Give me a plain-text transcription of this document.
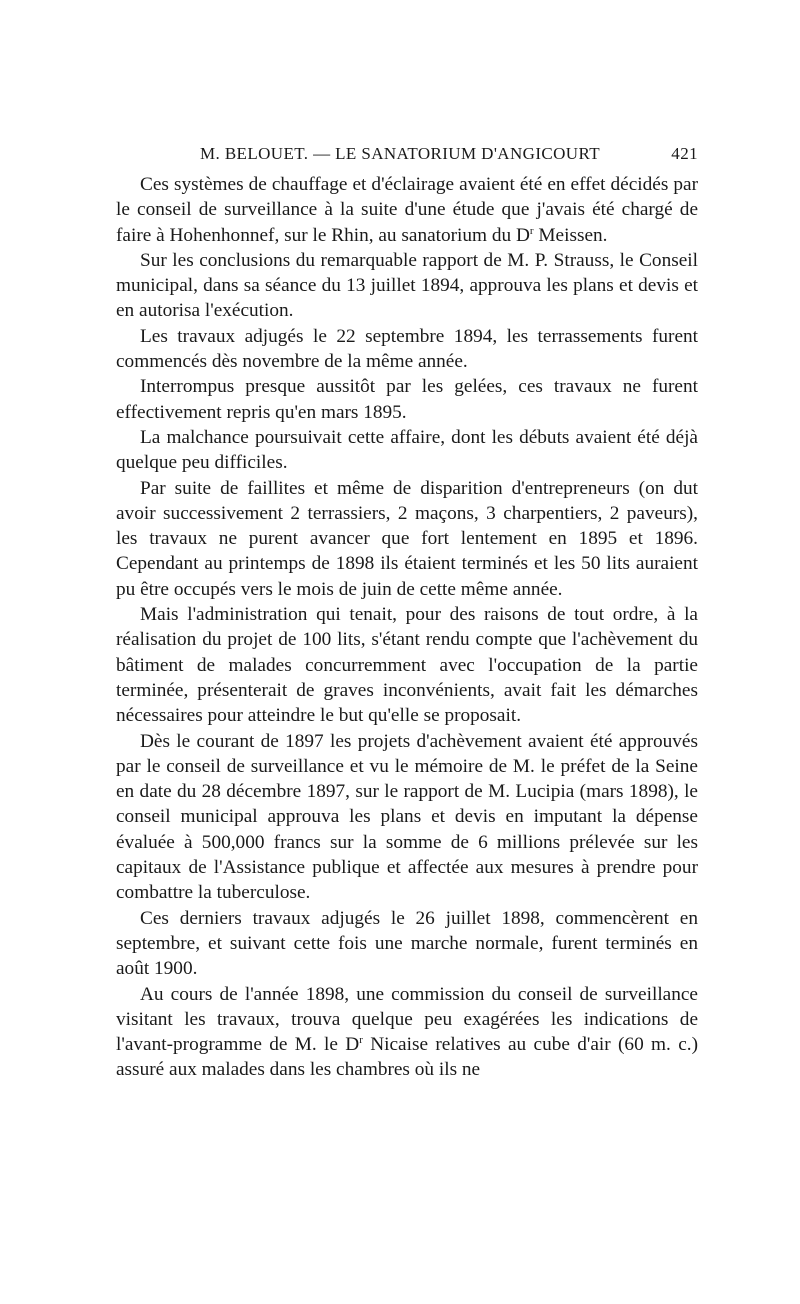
M. BELOUET. — LE SANATORIUM D'ANGICOURT	421

Ces systèmes de chauffage et d'éclairage avaient été en effet décidés par le conseil de surveillance à la suite d'une étude que j'avais été chargé de faire à Hohenhonnef, sur le Rhin, au sanatorium du $D^r$ Meissen.

Sur les conclusions du remarquable rapport de M. P. Strauss, le Conseil municipal, dans sa séance du 13 juillet 1894, approuva les plans et devis et en autorisa l'exécution.

Les travaux adjugés le 22 septembre 1894, les terrassements furent commencés dès novembre de la même année.

Interrompus presque aussitôt par les gelées, ces travaux ne furent effectivement repris qu'en mars 1895.

La malchance poursuivait cette affaire, dont les débuts avaient été déjà quelque peu difficiles.

Par suite de faillites et même de disparition d'entrepreneurs (on dut avoir successivement 2 terrassiers, 2 maçons, 3 charpentiers, 2 paveurs), les travaux ne purent avancer que fort lentement en 1895 et 1896. Cependant au printemps de 1898 ils étaient terminés et les 50 lits auraient pu être occupés vers le mois de juin de cette même année.

Mais l'administration qui tenait, pour des raisons de tout ordre, à la réalisation du projet de 100 lits, s'étant rendu compte que l'achèvement du bâtiment de malades concurremment avec l'occupation de la partie terminée, présenterait de graves inconvénients, avait fait les démarches nécessaires pour atteindre le but qu'elle se proposait.

Dès le courant de 1897 les projets d'achèvement avaient été approuvés par le conseil de surveillance et vu le mémoire de M. le préfet de la Seine en date du 28 décembre 1897, sur le rapport de M. Lucipia (mars 1898), le conseil municipal approuva les plans et devis en imputant la dépense évaluée à 500,000 francs sur la somme de 6 millions prélevée sur les capitaux de l'Assistance publique et affectée aux mesures à prendre pour combattre la tuberculose.

Ces derniers travaux adjugés le 26 juillet 1898, commencèrent en septembre, et suivant cette fois une marche normale, furent terminés en août 1900.

Au cours de l'année 1898, une commission du conseil de surveillance visitant les travaux, trouva quelque peu exagérées les indications de l'avant-programme de M. le $D^r$ Nicaise relatives au cube d'air (60 m. c.) assuré aux malades dans les chambres où ils ne
